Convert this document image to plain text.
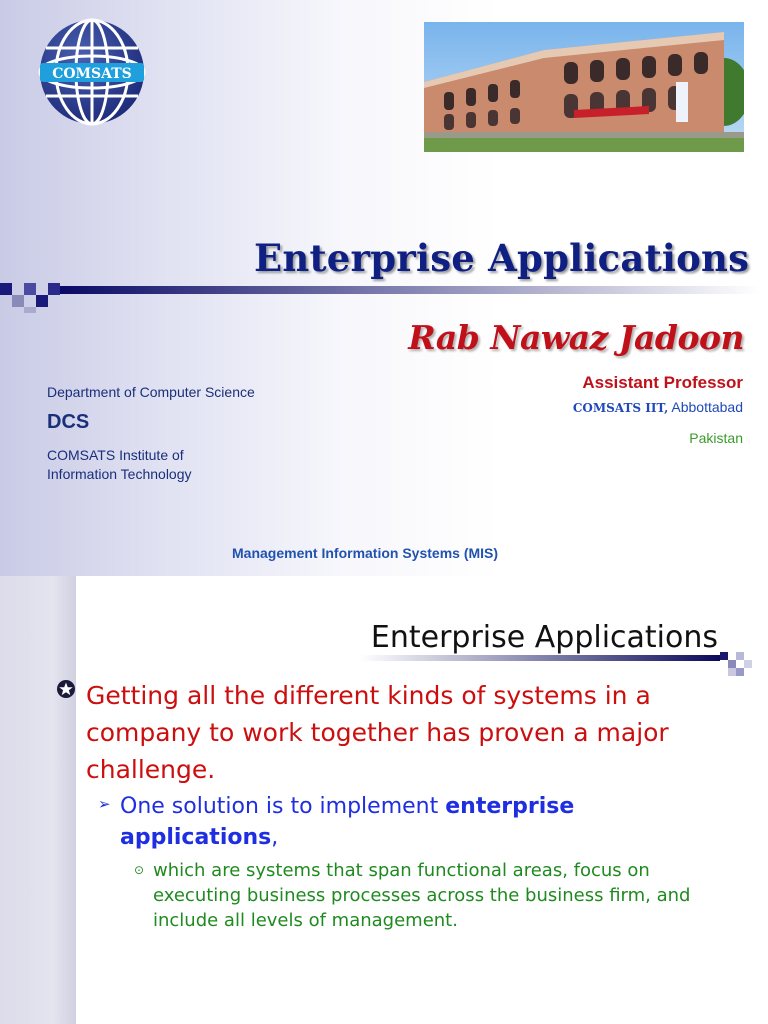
COMSATS
Enterprise Applications
Rab Nawaz Jadoon
Assistant Professor
COMSATS IIT, Abbottabad
Pakistan
Department of Computer Science
DCS
COMSATS Institute of Information Technology
Management Information Systems (MIS)
Enterprise Applications
Getting all the different kinds of systems in a company to work together has proven a major challenge.
➢ One solution is to implement enterprise applications,
⊙ which are systems that span functional areas, focus on executing business processes across the business firm, and include all levels of management.
